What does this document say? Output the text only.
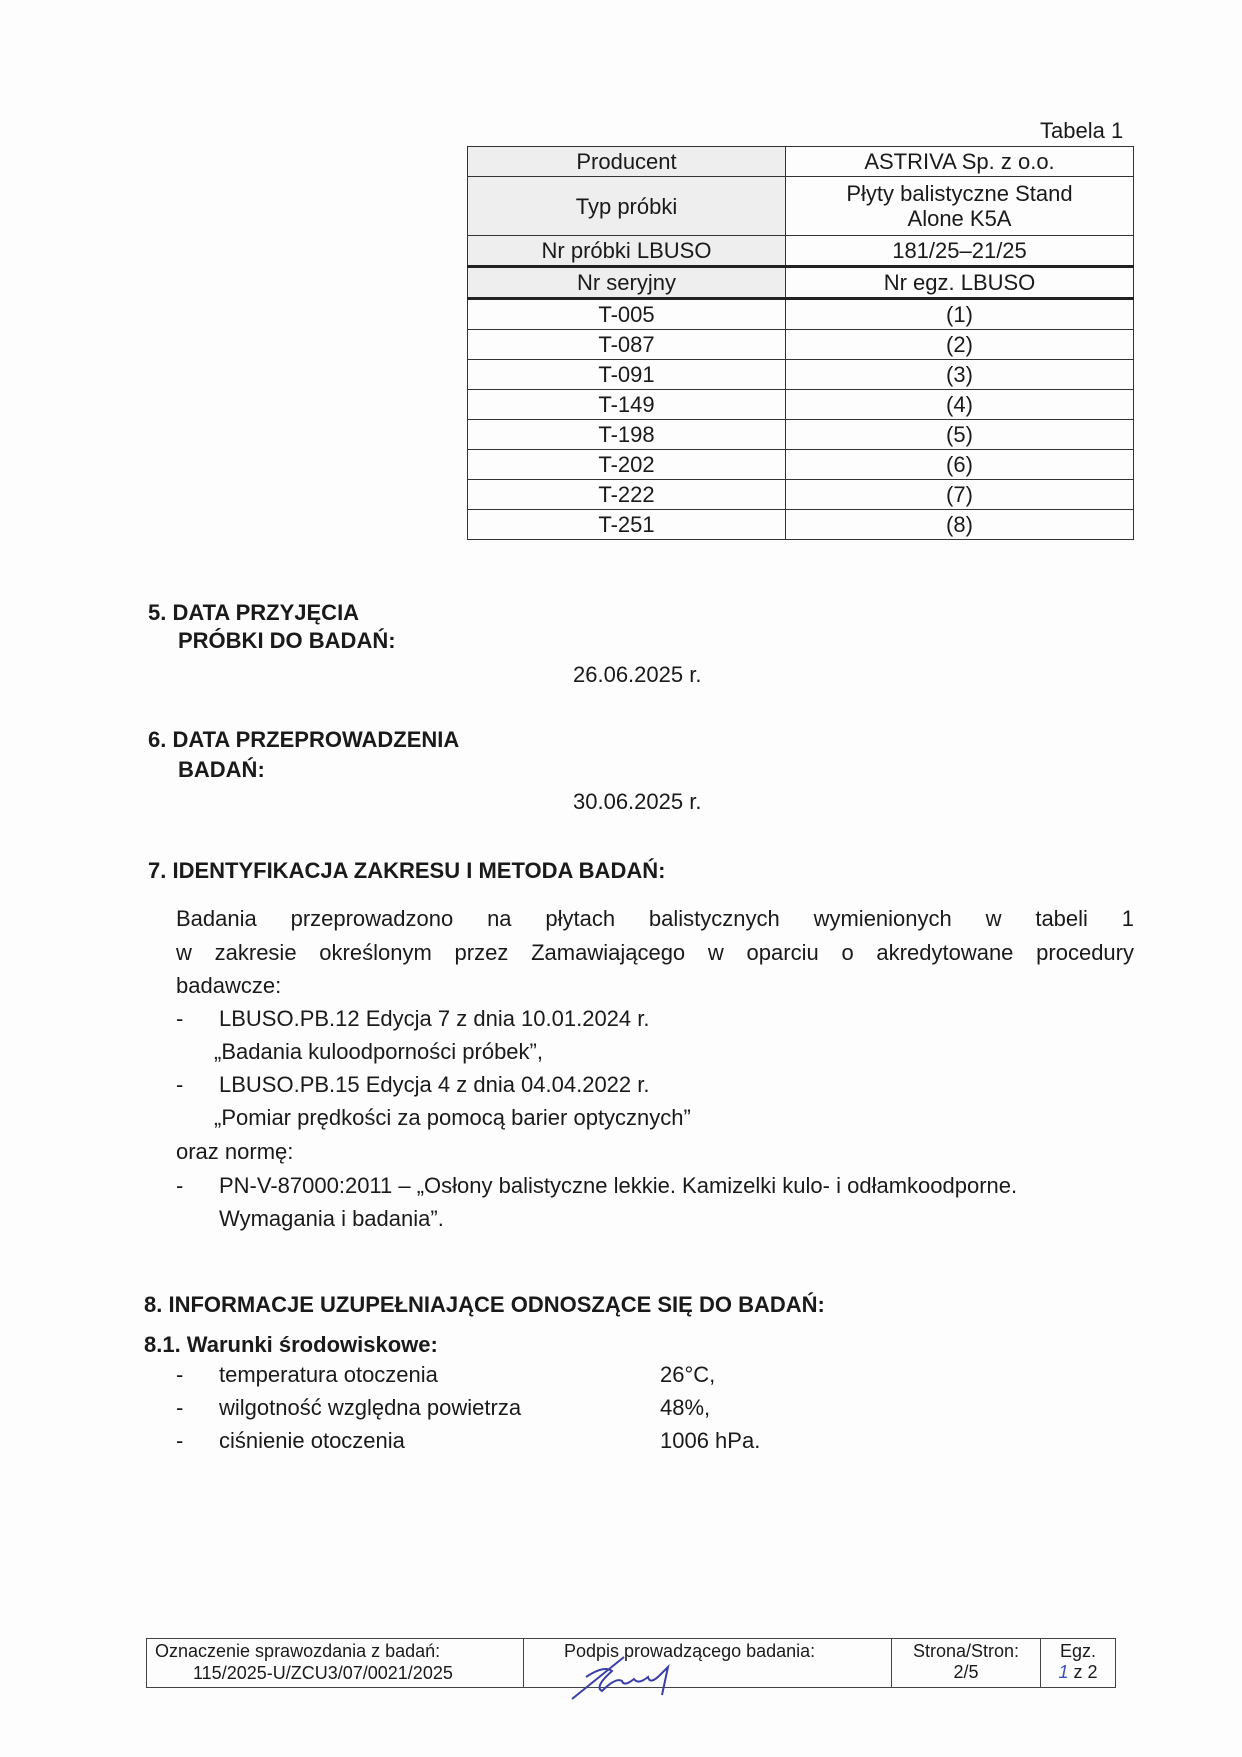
Tabela 1
Producent	ASTRIVA Sp. z o.o.
Typ próbki	Płyty balistyczne Stand
Alone K5A
Nr próbki LBUSO	181/25–21/25
Nr seryjny	Nr egz. LBUSO
T-005	(1)
T-087	(2)
T-091	(3)
T-149	(4)
T-198	(5)
T-202	(6)
T-222	(7)
T-251	(8)
5. DATA PRZYJĘCIA
PRÓBKI DO BADAŃ:
26.06.2025 r.
6. DATA PRZEPROWADZENIA
BADAŃ:
30.06.2025 r.
7. IDENTYFIKACJA ZAKRESU I METODA BADAŃ:
Badania przeprowadzono na płytach balistycznych wymienionych w tabeli 1
w zakresie określonym przez Zamawiającego w oparciu o akredytowane procedury
badawcze:
- LBUSO.PB.12 Edycja 7 z dnia 10.01.2024 r.
„Badania kuloodporności próbek”,
- LBUSO.PB.15 Edycja 4 z dnia 04.04.2022 r.
„Pomiar prędkości za pomocą barier optycznych”
oraz normę:
- PN-V-87000:2011 – „Osłony balistyczne lekkie. Kamizelki kulo- i odłamkoodporne.
Wymagania i badania”.
8. INFORMACJE UZUPEŁNIAJĄCE ODNOSZĄCE SIĘ DO BADAŃ:
8.1. Warunki środowiskowe:
- temperatura otoczenia	26°C,
- wilgotność względna powietrza	48%,
- ciśnienie otoczenia	1006 hPa.
Oznaczenie sprawozdania z badań:
115/2025-U/ZCU3/07/0021/2025
Podpis prowadzącego badania:	Strona/Stron:
2/5
Egz.
1 z 2
